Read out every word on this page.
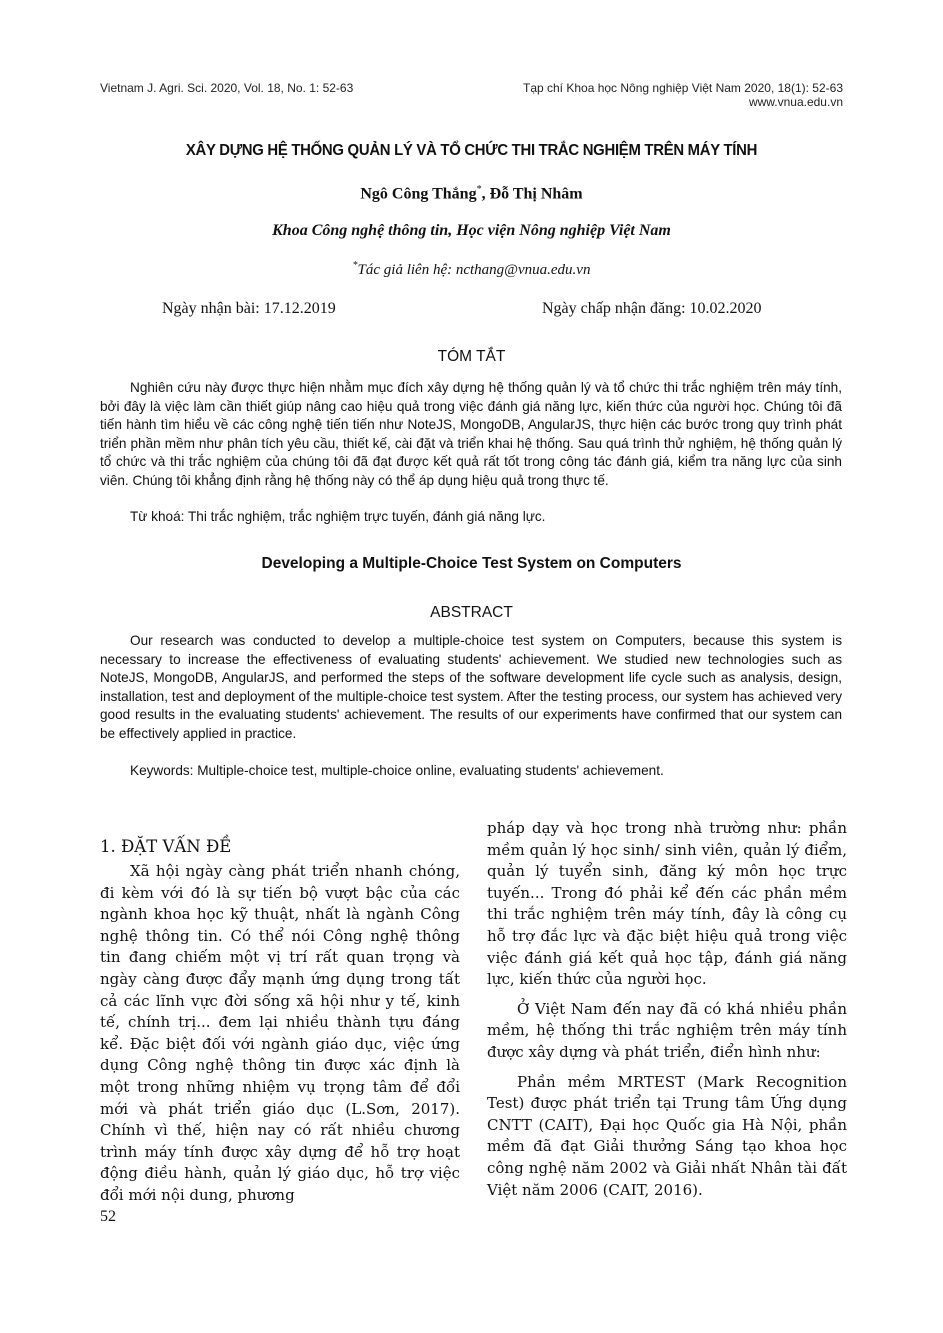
Vietnam J. Agri. Sci. 2020, Vol. 18, No. 1: 52-63	Tạp chí Khoa học Nông nghiệp Việt Nam 2020, 18(1): 52-63
www.vnua.edu.vn
XÂY DỰNG HỆ THỐNG QUẢN LÝ VÀ TỔ CHỨC THI TRẮC NGHIỆM TRÊN MÁY TÍNH
Ngô Công Thắng*, Đỗ Thị Nhâm
Khoa Công nghệ thông tin, Học viện Nông nghiệp Việt Nam
*Tác giả liên hệ: ncthang@vnua.edu.vn
Ngày nhận bài: 17.12.2019	Ngày chấp nhận đăng: 10.02.2020
TÓM TẮT

Nghiên cứu này được thực hiện nhằm mục đích xây dựng hệ thống quản lý và tổ chức thi trắc nghiệm trên máy tính, bởi đây là việc làm cần thiết giúp nâng cao hiệu quả trong việc đánh giá năng lực, kiến thức của người học. Chúng tôi đã tiến hành tìm hiểu về các công nghệ tiến tiến như NoteJS, MongoDB, AngularJS, thực hiện các bước trong quy trình phát triển phần mềm như phân tích yêu cầu, thiết kế, cài đặt và triển khai hệ thống. Sau quá trình thử nghiệm, hệ thống quản lý tổ chức và thi trắc nghiệm của chúng tôi đã đạt được kết quả rất tốt trong công tác đánh giá, kiểm tra năng lực của sinh viên. Chúng tôi khẳng định rằng hệ thống này có thể áp dụng hiệu quả trong thực tế.

Từ khoá: Thi trắc nghiệm, trắc nghiệm trực tuyến, đánh giá năng lực.
Developing a Multiple-Choice Test System on Computers
ABSTRACT

Our research was conducted to develop a multiple-choice test system on Computers, because this system is necessary to increase the effectiveness of evaluating students' achievement. We studied new technologies such as NoteJS, MongoDB, AngularJS, and performed the steps of the software development life cycle such as analysis, design, installation, test and deployment of the multiple-choice test system. After the testing process, our system has achieved very good results in the evaluating students' achievement. The results of our experiments have confirmed that our system can be effectively applied in practice.

Keywords: Multiple-choice test, multiple-choice online, evaluating students' achievement.
1. ĐẶT VẤN ĐỀ

Xã hội ngày càng phát triển nhanh chóng, đi kèm với đó là sự tiến bộ vượt bậc của các ngành khoa học kỹ thuật, nhất là ngành Công nghệ thông tin. Có thể nói Công nghệ thông tin đang chiếm một vị trí rất quan trọng và ngày càng được đẩy mạnh ứng dụng trong tất cả các lĩnh vực đời sống xã hội như y tế, kinh tế, chính trị... đem lại nhiều thành tựu đáng kể. Đặc biệt đối với ngành giáo dục, việc ứng dụng Công nghệ thông tin được xác định là một trong những nhiệm vụ trọng tâm để đổi mới và phát triển giáo dục (L.Sơn, 2017). Chính vì thế, hiện nay có rất nhiều chương trình máy tính được xây dựng để hỗ trợ hoạt động điều hành, quản lý giáo dục, hỗ trợ việc đổi mới nội dung, phương

pháp dạy và học trong nhà trường như: phần mềm quản lý học sinh/ sinh viên, quản lý điểm, quản lý tuyển sinh, đăng ký môn học trực tuyến... Trong đó phải kể đến các phần mềm thi trắc nghiệm trên máy tính, đây là công cụ hỗ trợ đắc lực và đặc biệt hiệu quả trong việc việc đánh giá kết quả học tập, đánh giá năng lực, kiến thức của người học.

Ở Việt Nam đến nay đã có khá nhiều phần mềm, hệ thống thi trắc nghiệm trên máy tính được xây dựng và phát triển, điển hình như:

Phần mềm MRTEST (Mark Recognition Test) được phát triển tại Trung tâm Ứng dụng CNTT (CAIT), Đại học Quốc gia Hà Nội, phần mềm đã đạt Giải thưởng Sáng tạo khoa học công nghệ năm 2002 và Giải nhất Nhân tài đất Việt năm 2006 (CAIT, 2016).

52
